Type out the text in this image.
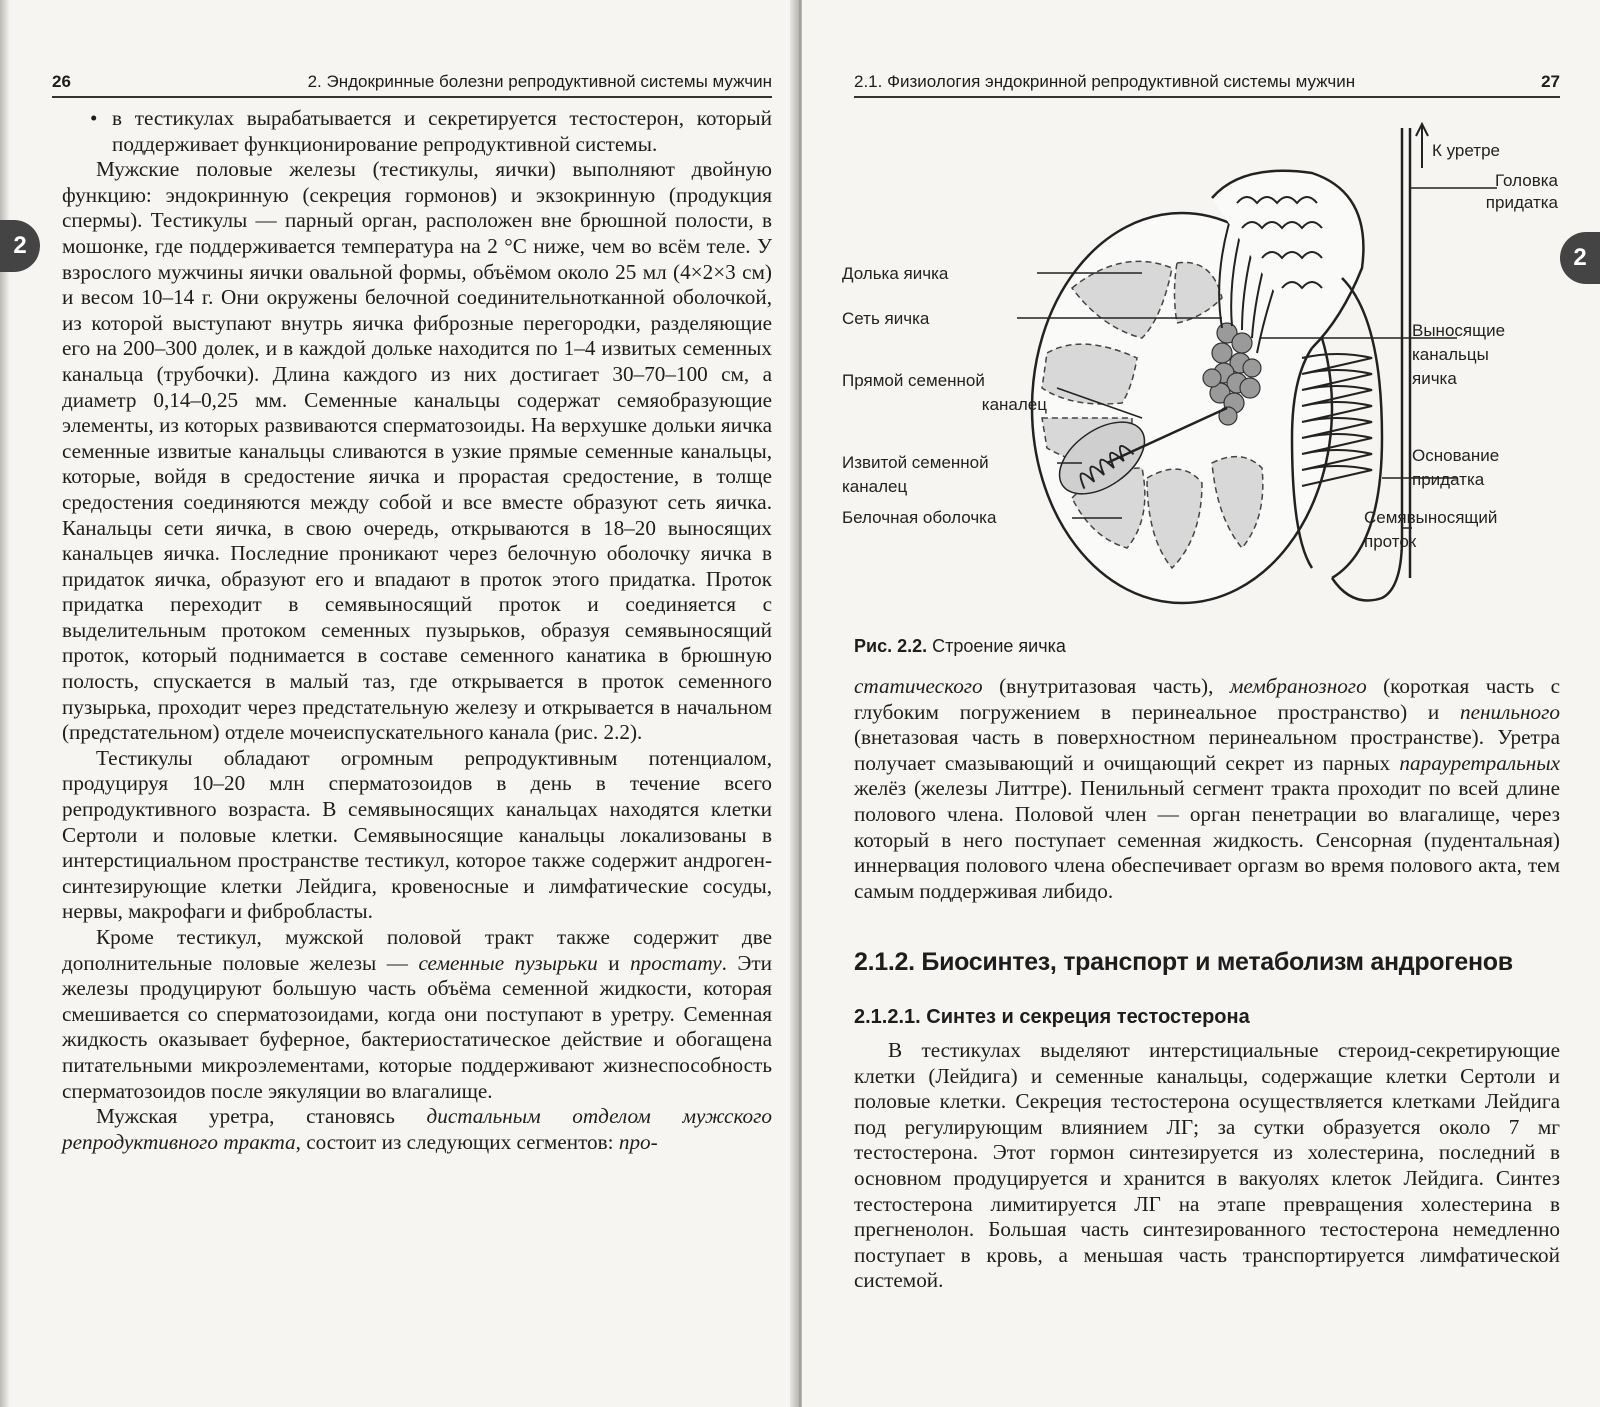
26	2. Эндокринные болезни репродуктивной системы мужчин
2
• в тестикулах вырабатывается и секретируется тестостерон, который поддерживает функционирование репродуктивной системы.

Мужские половые железы (тестикулы, яички) выполняют двойную функцию: эндокринную (секреция гормонов) и экзокринную (продукция спермы). Тестикулы — парный орган, расположен вне брюшной полости, в мошонке, где поддерживается температура на 2 °С ниже, чем во всём теле. У взрослого мужчины яички овальной формы, объёмом около 25 мл (4×2×3 см) и весом 10–14 г. Они окружены белочной соединительнотканной оболочкой, из которой выступают внутрь яичка фиброзные перегородки, разделяющие его на 200–300 долек, и в каждой дольке находится по 1–4 извитых семенных канальца (трубочки). Длина каждого из них достигает 30–70–100 см, а диаметр 0,14–0,25 мм. Семенные канальцы содержат семяобразующие элементы, из которых развиваются сперматозоиды. На верхушке дольки яичка семенные извитые канальцы сливаются в узкие прямые семенные канальцы, которые, войдя в средостение яичка и прорастая средостение, в толще средостения соединяются между собой и все вместе образуют сеть яичка. Канальцы сети яичка, в свою очередь, открываются в 18–20 выносящих канальцев яичка. Последние проникают через белочную оболочку яичка в придаток яичка, образуют его и впадают в проток этого придатка. Проток придатка переходит в семявыносящий проток и соединяется с выделительным протоком семенных пузырьков, образуя семявыносящий проток, который поднимается в составе семенного канатика в брюшную полость, спускается в малый таз, где открывается в проток семенного пузырька, проходит через предстательную железу и открывается в начальном (предстательном) отделе мочеиспускательного канала (рис. 2.2).

Тестикулы обладают огромным репродуктивным потенциалом, продуцируя 10–20 млн сперматозоидов в день в течение всего репродуктивного возраста. В семявыносящих канальцах находятся клетки Сертоли и половые клетки. Семявыносящие канальцы локализованы в интерстициальном пространстве тестикул, которое также содержит андроген-синтезирующие клетки Лейдига, кровеносные и лимфатические сосуды, нервы, макрофаги и фибробласты.

Кроме тестикул, мужской половой тракт также содержит две дополнительные половые железы — семенные пузырьки и простату. Эти железы продуцируют большую часть объёма семенной жидкости, которая смешивается со сперматозоидами, когда они поступают в уретру. Семенная жидкость оказывает буферное, бактериостатическое действие и обогащена питательными микроэлементами, которые поддерживают жизнеспособность сперматозоидов после эякуляции во влагалище.

Мужская уретра, становясь дистальным отделом мужского репродуктивного тракта, состоит из следующих сегментов: про-

2.1. Физиология эндокринной репродуктивной системы мужчин	27
2
К уретре
Головка
придатка
Долька яичка
Сеть яичка
Прямой семенной
каналец
Извитой семенной
каналец
Белочная оболочка
Выносящие
канальцы
яичка
Основание
придатка
Семявыносящий
проток
Рис. 2.2. Строение яичка

статического (внутритазовая часть), мембранозного (короткая часть с глубоким погружением в перинеальное пространство) и пенильного (внетазовая часть в поверхностном перинеальном пространстве). Уретра получает смазывающий и очищающий секрет из парных парауретральных желёз (железы Литтре). Пенильный сегмент тракта проходит по всей длине полового члена. Половой член — орган пенетрации во влагалище, через который в него поступает семенная жидкость. Сенсорная (пудентальная) иннервация полового члена обеспечивает оргазм во время полового акта, тем самым поддерживая либидо.

2.1.2. Биосинтез, транспорт и метаболизм андрогенов
2.1.2.1. Синтез и секреция тестостерона

В тестикулах выделяют интерстициальные стероид-секретирующие клетки (Лейдига) и семенные канальцы, содержащие клетки Сертоли и половые клетки. Секреция тестостерона осуществляется клетками Лейдига под регулирующим влиянием ЛГ; за сутки образуется около 7 мг тестостерона. Этот гормон синтезируется из холестерина, последний в основном продуцируется и хранится в вакуолях клеток Лейдига. Синтез тестостерона лимитируется ЛГ на этапе превращения холестерина в прегненолон. Большая часть синтезированного тестостерона немедленно поступает в кровь, а меньшая часть транспортируется лимфатической системой.
